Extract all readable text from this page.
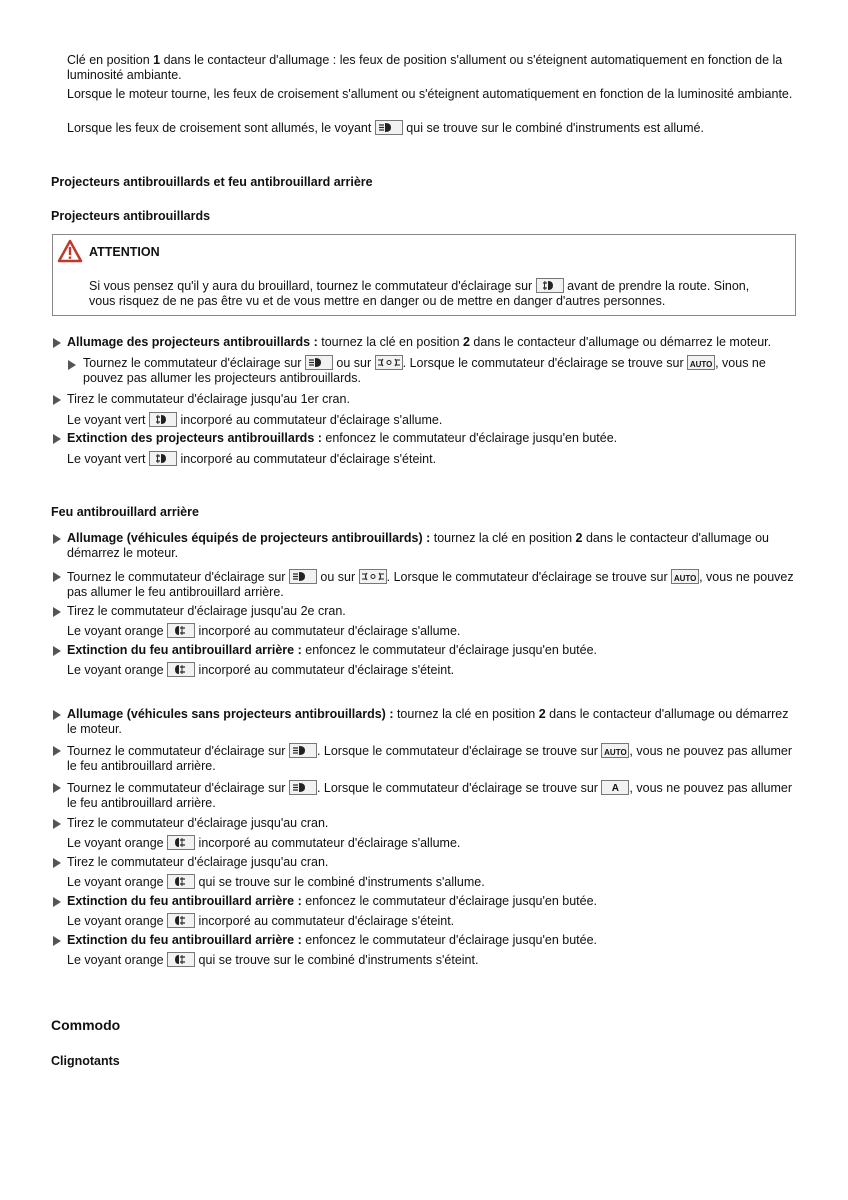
Clé en position 1 dans le contacteur d'allumage : les feux de position s'allument ou s'éteignent automatiquement en fonction de la luminosité ambiante.
Lorsque le moteur tourne, les feux de croisement s'allument ou s'éteignent automatiquement en fonction de la luminosité ambiante.
Lorsque les feux de croisement sont allumés, le voyant
qui se trouve sur le combiné d'instruments est allumé.
Projecteurs antibrouillards et feu antibrouillard arrière
Projecteurs antibrouillards
ATTENTION
Si vous pensez qu'il y aura du brouillard, tournez le commutateur d'éclairage sur
avant de prendre la route. Sinon, vous risquez de ne pas être vu et de vous mettre en danger ou de mettre en danger d'autres personnes.
Allumage des projecteurs antibrouillards : tournez la clé en position 2 dans le contacteur d'allumage ou démarrez le moteur.
Tournez le commutateur d'éclairage sur
ou sur
. Lorsque le commutateur d'éclairage se trouve sur AUTO , vous ne pouvez pas allumer les projecteurs antibrouillards.
Tirez le commutateur d'éclairage jusqu'au 1er cran.
Le voyant vert
incorporé au commutateur d'éclairage s'allume.
Extinction des projecteurs antibrouillards : enfoncez le commutateur d'éclairage jusqu'en butée.
Le voyant vert
incorporé au commutateur d'éclairage s'éteint.
Feu antibrouillard arrière
Allumage (véhicules équipés de projecteurs antibrouillards) : tournez la clé en position 2 dans le contacteur d'allumage ou démarrez le moteur.
Tournez le commutateur d'éclairage sur
ou sur
. Lorsque le commutateur d'éclairage se trouve sur AUTO , vous ne pouvez pas allumer le feu antibrouillard arrière.
Tirez le commutateur d'éclairage jusqu'au 2e cran.
Le voyant orange
incorporé au commutateur d'éclairage s'allume.
Extinction du feu antibrouillard arrière : enfoncez le commutateur d'éclairage jusqu'en butée.
Le voyant orange
incorporé au commutateur d'éclairage s'éteint.
Allumage (véhicules sans projecteurs antibrouillards) : tournez la clé en position 2 dans le contacteur d'allumage ou démarrez le moteur.
Tournez le commutateur d'éclairage sur
. Lorsque le commutateur d'éclairage se trouve sur AUTO , vous ne pouvez pas allumer le feu antibrouillard arrière.
Tournez le commutateur d'éclairage sur
. Lorsque le commutateur d'éclairage se trouve sur	A , vous ne pouvez pas allumer le feu antibrouillard arrière.
Tirez le commutateur d'éclairage jusqu'au cran.
Le voyant orange
incorporé au commutateur d'éclairage s'allume.
Tirez le commutateur d'éclairage jusqu'au cran.
Le voyant orange
qui se trouve sur le combiné d'instruments s'allume.
Extinction du feu antibrouillard arrière : enfoncez le commutateur d'éclairage jusqu'en butée.
Le voyant orange
incorporé au commutateur d'éclairage s'éteint.
Extinction du feu antibrouillard arrière : enfoncez le commutateur d'éclairage jusqu'en butée.
Le voyant orange
qui se trouve sur le combiné d'instruments s'éteint.
Commodo
Clignotants
